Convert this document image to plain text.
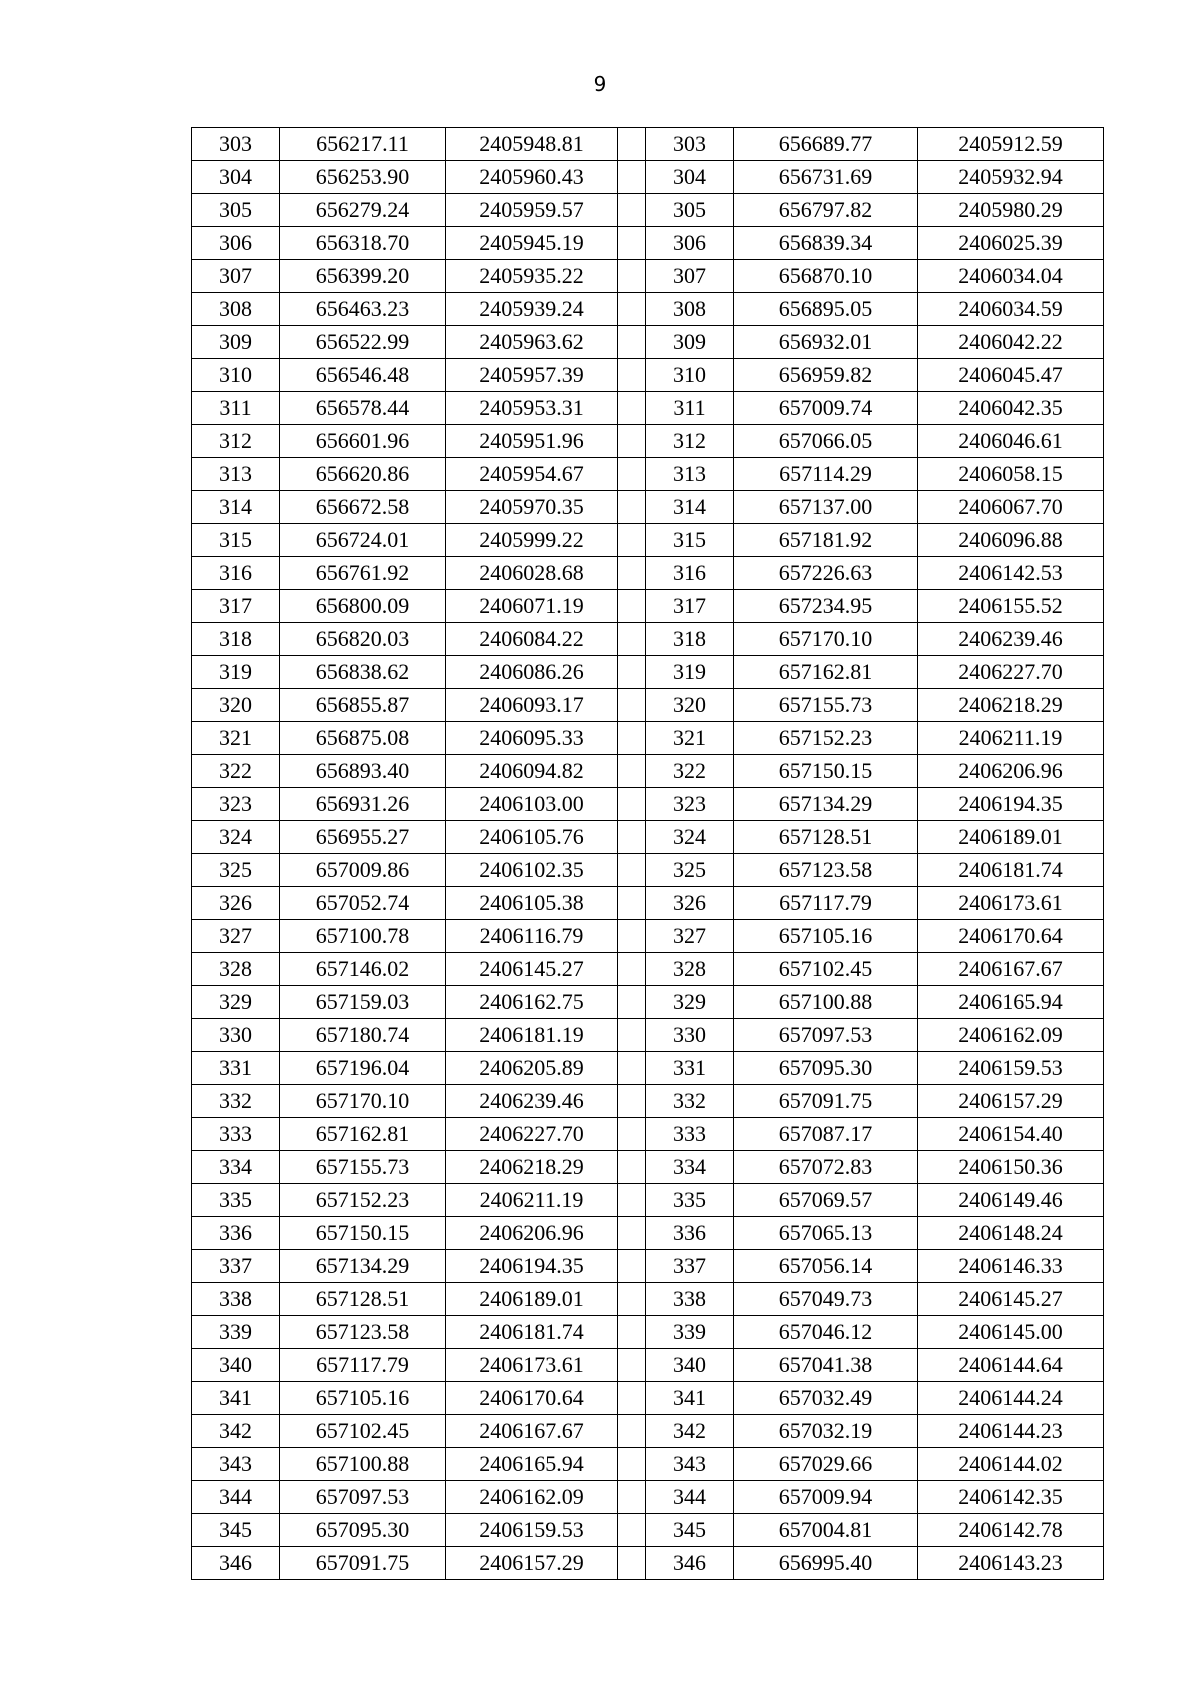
9
303	656217.11	2405948.81		303	656689.77	2405912.59
304	656253.90	2405960.43		304	656731.69	2405932.94
305	656279.24	2405959.57		305	656797.82	2405980.29
306	656318.70	2405945.19		306	656839.34	2406025.39
307	656399.20	2405935.22		307	656870.10	2406034.04
308	656463.23	2405939.24		308	656895.05	2406034.59
309	656522.99	2405963.62		309	656932.01	2406042.22
310	656546.48	2405957.39		310	656959.82	2406045.47
311	656578.44	2405953.31		311	657009.74	2406042.35
312	656601.96	2405951.96		312	657066.05	2406046.61
313	656620.86	2405954.67		313	657114.29	2406058.15
314	656672.58	2405970.35		314	657137.00	2406067.70
315	656724.01	2405999.22		315	657181.92	2406096.88
316	656761.92	2406028.68		316	657226.63	2406142.53
317	656800.09	2406071.19		317	657234.95	2406155.52
318	656820.03	2406084.22		318	657170.10	2406239.46
319	656838.62	2406086.26		319	657162.81	2406227.70
320	656855.87	2406093.17		320	657155.73	2406218.29
321	656875.08	2406095.33		321	657152.23	2406211.19
322	656893.40	2406094.82		322	657150.15	2406206.96
323	656931.26	2406103.00		323	657134.29	2406194.35
324	656955.27	2406105.76		324	657128.51	2406189.01
325	657009.86	2406102.35		325	657123.58	2406181.74
326	657052.74	2406105.38		326	657117.79	2406173.61
327	657100.78	2406116.79		327	657105.16	2406170.64
328	657146.02	2406145.27		328	657102.45	2406167.67
329	657159.03	2406162.75		329	657100.88	2406165.94
330	657180.74	2406181.19		330	657097.53	2406162.09
331	657196.04	2406205.89		331	657095.30	2406159.53
332	657170.10	2406239.46		332	657091.75	2406157.29
333	657162.81	2406227.70		333	657087.17	2406154.40
334	657155.73	2406218.29		334	657072.83	2406150.36
335	657152.23	2406211.19		335	657069.57	2406149.46
336	657150.15	2406206.96		336	657065.13	2406148.24
337	657134.29	2406194.35		337	657056.14	2406146.33
338	657128.51	2406189.01		338	657049.73	2406145.27
339	657123.58	2406181.74		339	657046.12	2406145.00
340	657117.79	2406173.61		340	657041.38	2406144.64
341	657105.16	2406170.64		341	657032.49	2406144.24
342	657102.45	2406167.67		342	657032.19	2406144.23
343	657100.88	2406165.94		343	657029.66	2406144.02
344	657097.53	2406162.09		344	657009.94	2406142.35
345	657095.30	2406159.53		345	657004.81	2406142.78
346	657091.75	2406157.29		346	656995.40	2406143.23
